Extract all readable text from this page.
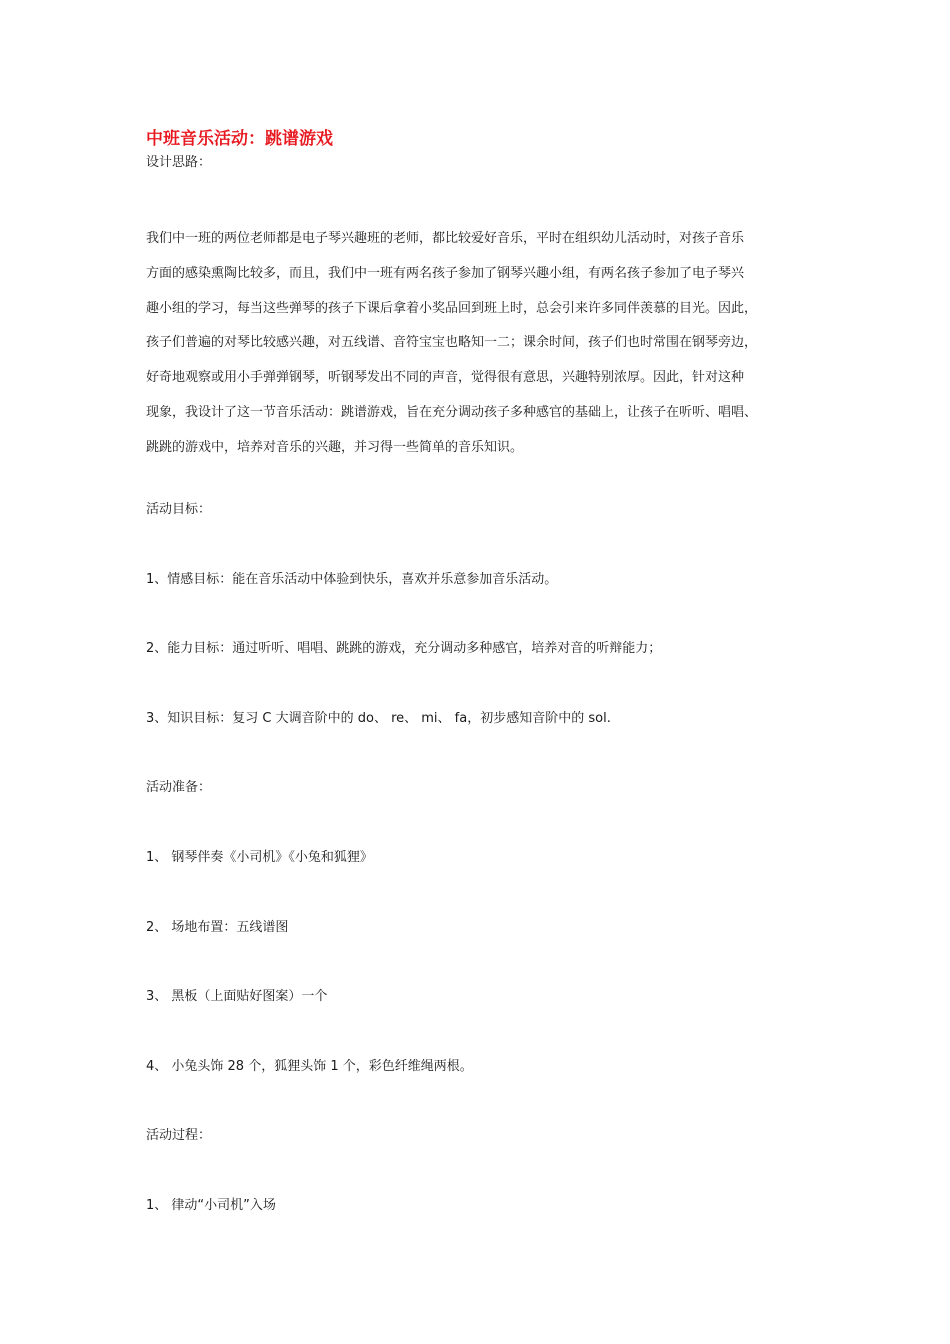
中班音乐活动：跳谱游戏
设计思路：
我们中一班的两位老师都是电子琴兴趣班的老师，都比较爱好音乐，平时在组织幼儿活动时，对孩子音乐
方面的感染熏陶比较多，而且，我们中一班有两名孩子参加了钢琴兴趣小组，有两名孩子参加了电子琴兴
趣小组的学习，每当这些弹琴的孩子下课后拿着小奖品回到班上时，总会引来许多同伴羡慕的目光。因此，
孩子们普遍的对琴比较感兴趣，对五线谱、音符宝宝也略知一二；课余时间，孩子们也时常围在钢琴旁边，
好奇地观察或用小手弹弹钢琴，听钢琴发出不同的声音，觉得很有意思，兴趣特别浓厚。因此，针对这种
现象，我设计了这一节音乐活动：跳谱游戏，旨在充分调动孩子多种感官的基础上，让孩子在听听、唱唱、
跳跳的游戏中，培养对音乐的兴趣，并习得一些简单的音乐知识。
活动目标：
1、情感目标：能在音乐活动中体验到快乐，喜欢并乐意参加音乐活动。
2、能力目标：通过听听、唱唱、跳跳的游戏，充分调动多种感官，培养对音的听辩能力；
3、知识目标：复习 C 大调音阶中的 do、 re、 mi、 fa，初步感知音阶中的 sol.
活动准备：
1、 钢琴伴奏《小司机》《小兔和狐狸》
2、 场地布置：五线谱图
3、 黑板（上面贴好图案）一个
4、 小兔头饰 28 个，狐狸头饰 1 个，彩色纤维绳两根。
活动过程：
1、 律动“小司机”入场
